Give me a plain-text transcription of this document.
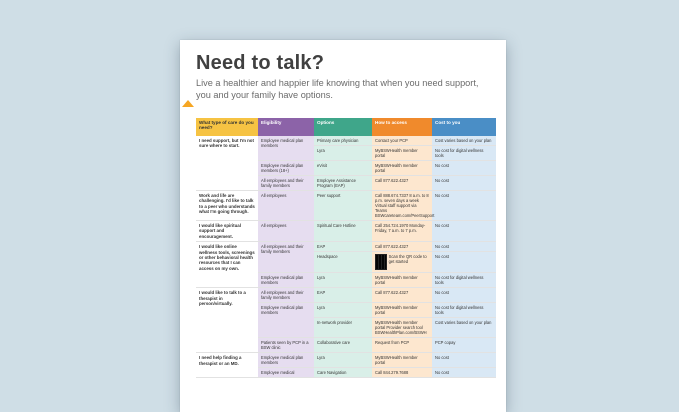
Need to talk?
Live a healthier and happier life knowing that when you need support, you and your family have options.
What type of care do you need?	Eligibility	Options	How to access	Cost to you
I need support, but I'm not sure where to start.	Employee medical plan members	Primary care physician	Contact your PCP	Cost varies based on your plan
		Lyra	MyBSWHealth member portal	No cost for digital wellness tools
	Employee medical plan members (18+)	eVisit	MyBSWHealth member portal	No cost
	All employees and their family members	Employee Assistance Program (EAP)	Call 877.622.4327	No cost
Work and life are challenging. I'd like to talk to a peer who understands what I'm going through.	All employees	Peer support	Call 888.674.7337 8 a.m. to 8 p.m. seven days a week Virtual staff support via Teams BSWcareteam.com/PeerSupport	No cost
I would like spiritual support and encouragement.	All employees	Spiritual Care Hotline	Call 254.724.1970 Monday-Friday, 7 a.m. to 7 p.m.	No cost
I would like online wellness tools, screenings or other behavioral health resources that I can access on my own.	All employees and their family members	EAP	Call 877.622.4327	No cost
		Headspace	Scan the QR code to get started	No cost
	Employee medical plan members	Lyra	MyBSWHealth member portal	No cost for digital wellness tools
I would like to talk to a therapist in person/virtually.	All employees and their family members	EAP	Call 877.622.4327	No cost
	Employee medical plan members	Lyra	MyBSWHealth member portal	No cost for digital wellness tools
		In-network provider	MyBSWHealth member portal Provider search tool BSWHealthPlan.com/BSWH	Cost varies based on your plan
	Patients seen by PCP in a BSW clinic	Collaborative care	Request from PCP	PCP copay
I need help finding a therapist or an MD.	Employee medical plan members	Lyra	MyBSWHealth member portal	No cost
	Employee medical	Care Navigation	Call 844.279.7688	No cost
